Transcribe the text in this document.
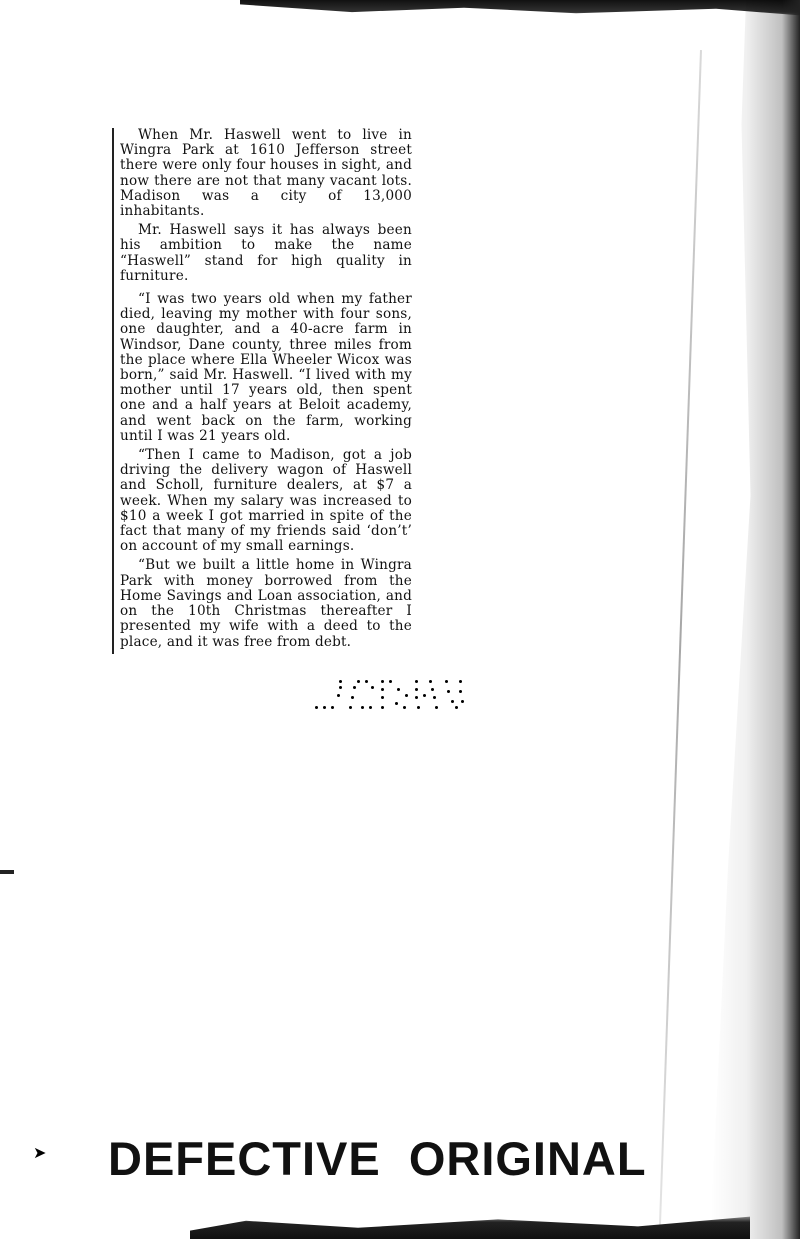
➤

When Mr. Haswell went to live in Wingra Park at 1610 Jefferson street there were only four houses in sight, and now there are not that many vacant lots. Madison was a city of 13,000 inhabitants.

Mr. Haswell says it has always been his ambition to make the name “Haswell” stand for high quality in furniture.

“I was two years old when my father died, leaving my mother with four sons, one daughter, and a 40-acre farm in Windsor, Dane county, three miles from the place where Ella Wheeler Wicox was born,” said Mr. Haswell. “I lived with my mother until 17 years old, then spent one and a half years at Beloit academy, and went back on the farm, working until I was 21 years old.

“Then I came to Madison, got a job driving the delivery wagon of Haswell and Scholl, furniture dealers, at $7 a week. When my salary was increased to $10 a week I got married in spite of the fact that many of my friends said ‘don’t’ on account of my small earnings.

“But we built a little home in Wingra Park with money borrowed from the Home Savings and Loan association, and on the 10th Christmas thereafter I presented my wife with a deed to the place, and it was free from debt.

DEFECTIVE ORIGINAL
